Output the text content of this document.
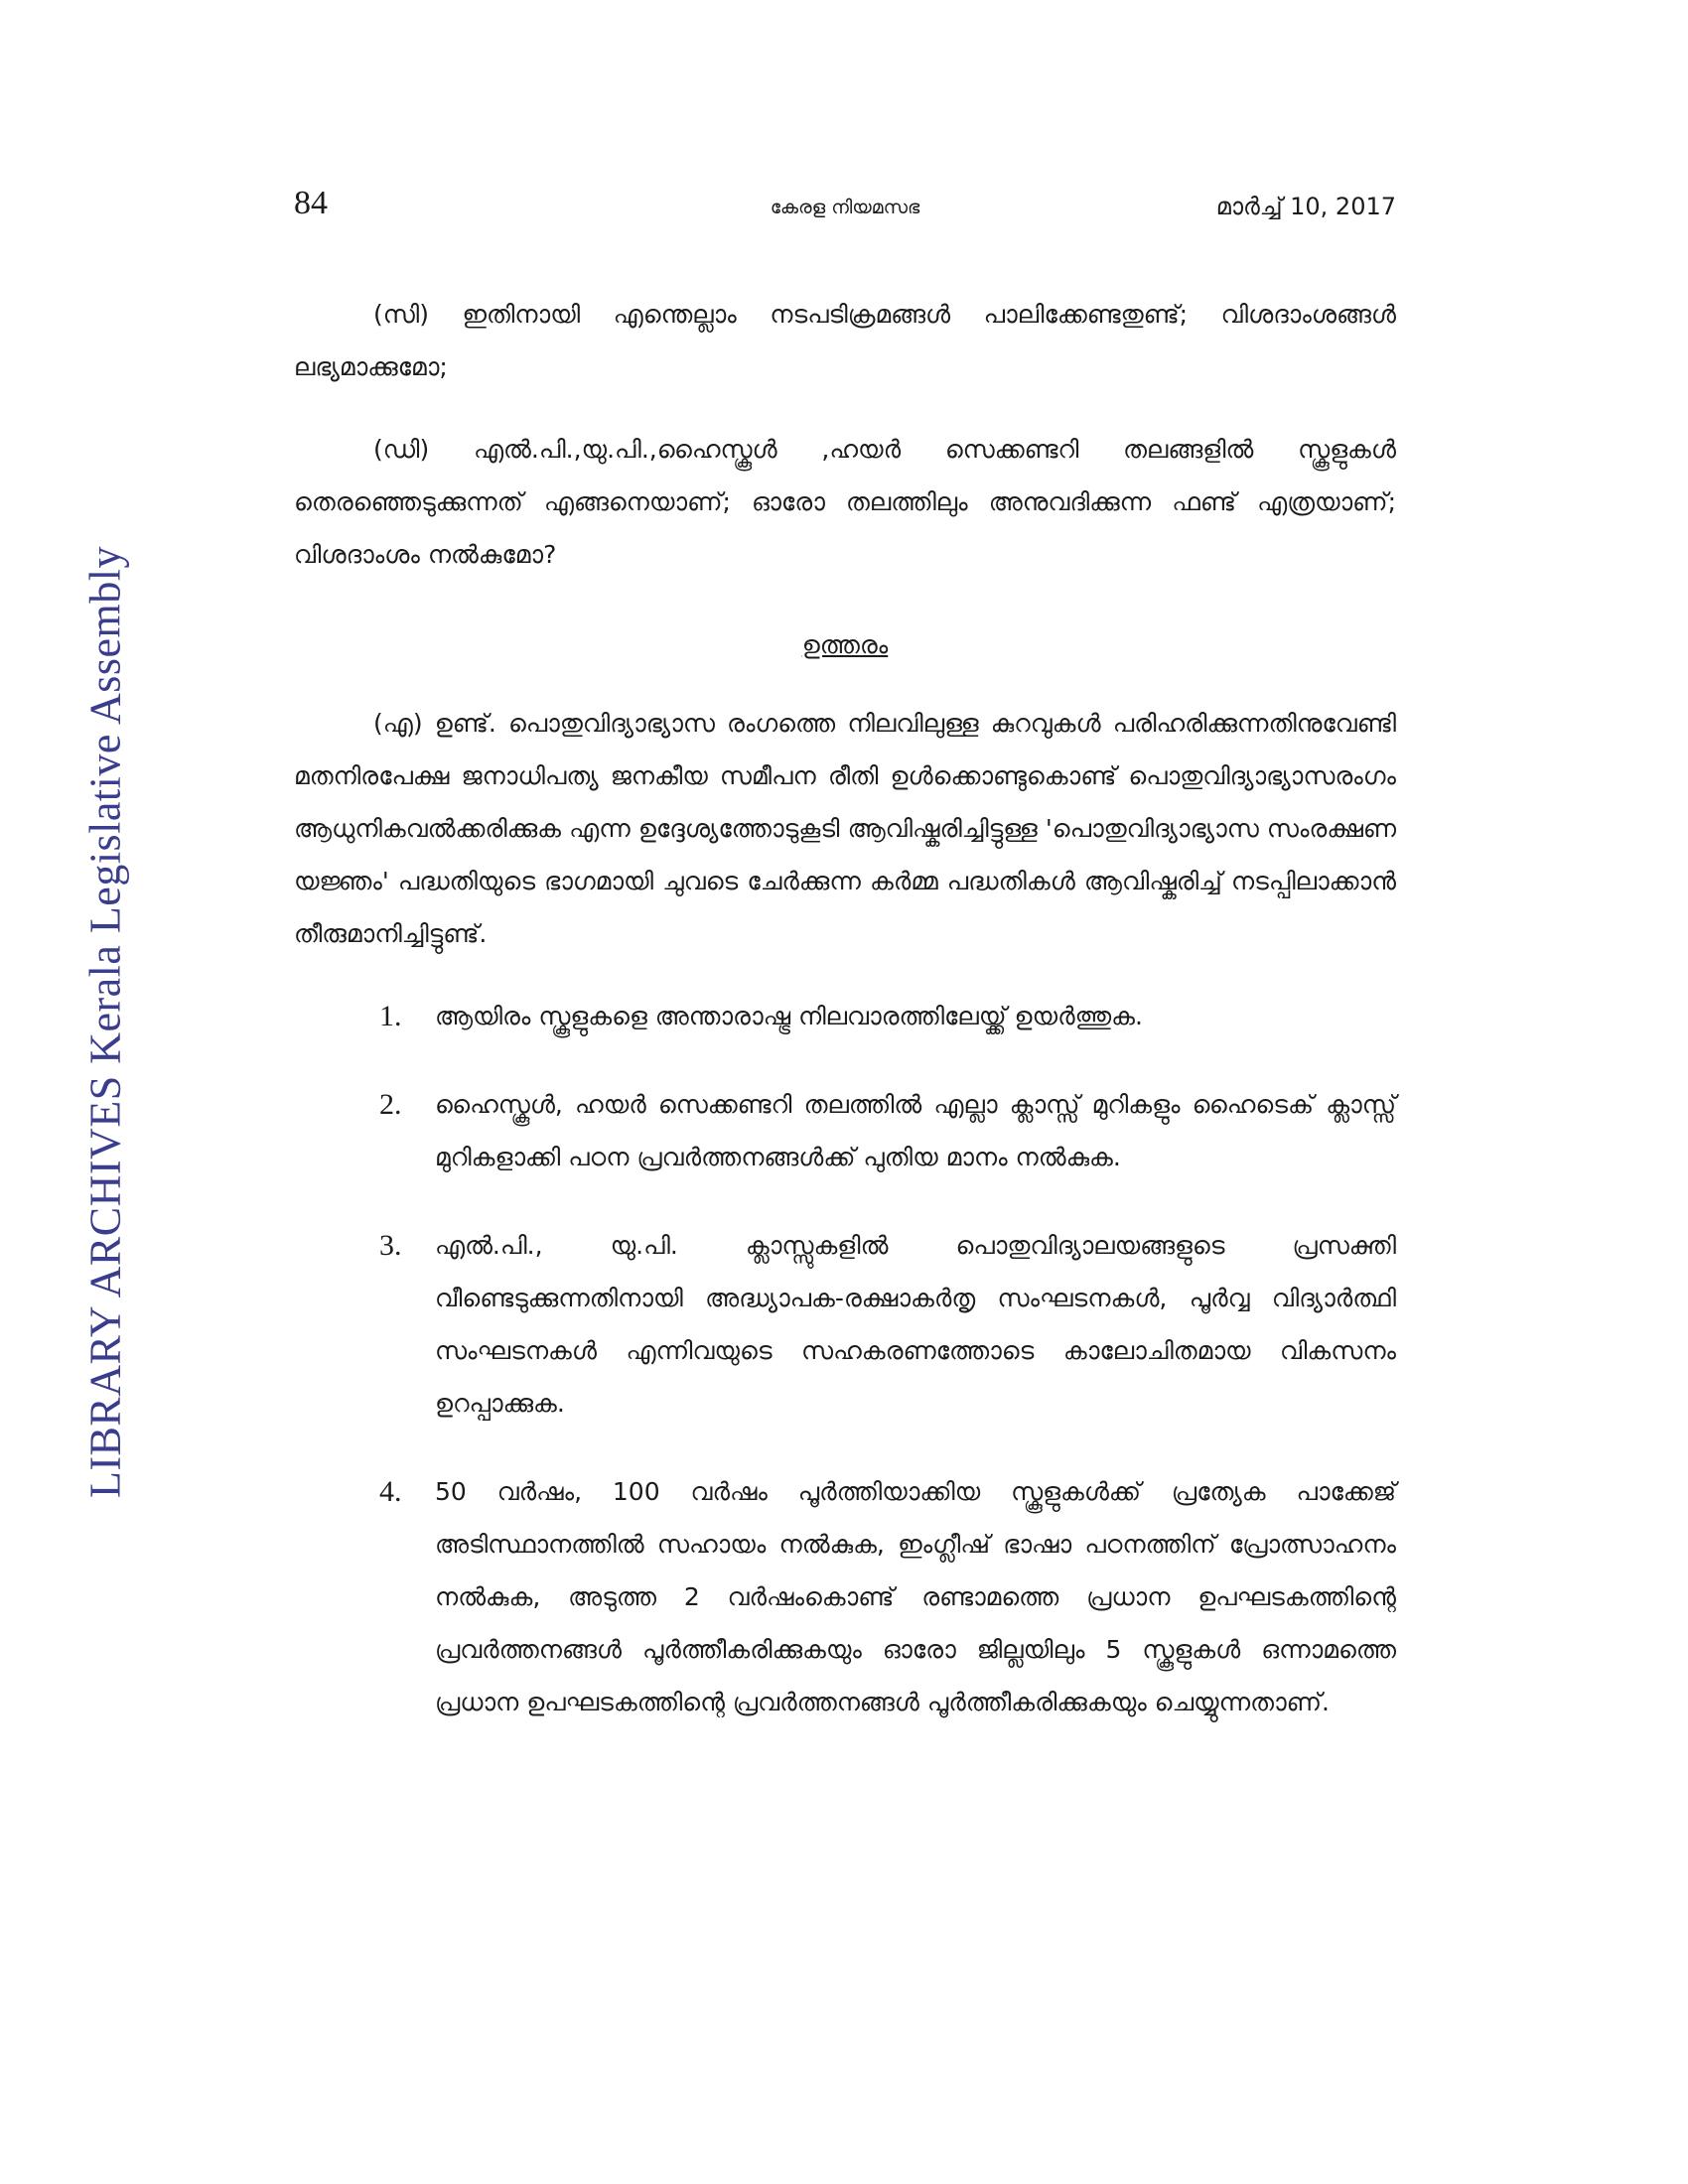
84	കേരള നിയമസഭ	മാർച്ച് 10, 2017
LIBRARY ARCHIVES Kerala Legislative Assembly

(സി) ഇതിനായി എന്തെല്ലാം നടപടിക്രമങ്ങൾ പാലിക്കേണ്ടതുണ്ട്; വിശദാംശങ്ങൾ ലഭ്യമാക്കുമോ;

(ഡി) എൽ.പി.,യു.പി.,ഹൈസ്കൂൾ ,ഹയർ സെക്കണ്ടറി തലങ്ങളിൽ സ്കൂളുകൾ തെരഞ്ഞെടുക്കുന്നത് എങ്ങനെയാണ്; ഓരോ തലത്തിലും അനുവദിക്കുന്ന ഫണ്ട് എത്രയാണ്; വിശദാംശം നൽകുമോ?

ഉത്തരം

(എ) ഉണ്ട്. പൊതുവിദ്യാഭ്യാസ രംഗത്തെ നിലവിലുള്ള കുറവുകൾ പരിഹരിക്കുന്നതിനുവേണ്ടി മതനിരപേക്ഷ ജനാധിപത്യ ജനകീയ സമീപന രീതി ഉൾക്കൊണ്ടുകൊണ്ട് പൊതുവിദ്യാഭ്യാസരംഗം ആധുനികവൽക്കരിക്കുക എന്ന ഉദ്ദേശ്യത്തോടുകൂടി ആവിഷ്കരിച്ചിട്ടുള്ള 'പൊതുവിദ്യാഭ്യാസ സംരക്ഷണ യജ്ഞം' പദ്ധതിയുടെ ഭാഗമായി ചുവടെ ചേർക്കുന്ന കർമ്മ പദ്ധതികൾ ആവിഷ്കരിച്ച് നടപ്പിലാക്കാൻ തീരുമാനിച്ചിട്ടുണ്ട്.

1. ആയിരം സ്കൂളുകളെ അന്താരാഷ്ട്ര നിലവാരത്തിലേയ്ക്ക് ഉയർത്തുക.
2. ഹൈസ്കൂൾ, ഹയർ സെക്കണ്ടറി തലത്തിൽ എല്ലാ ക്ലാസ്സ് മുറികളും ഹൈടെക് ക്ലാസ്സ് മുറികളാക്കി പഠന പ്രവർത്തനങ്ങൾക്ക് പുതിയ മാനം നൽകുക.
3. എൽ.പി., യു.പി. ക്ലാസ്സുകളിൽ പൊതുവിദ്യാലയങ്ങളുടെ പ്രസക്തി വീണ്ടെടുക്കുന്നതിനായി അദ്ധ്യാപക-രക്ഷാകർതൃ സംഘടനകൾ, പൂർവ്വ വിദ്യാർത്ഥി സംഘടനകൾ എന്നിവയുടെ സഹകരണത്തോടെ കാലോചിതമായ വികസനം ഉറപ്പാക്കുക.
4. 50 വർഷം, 100 വർഷം പൂർത്തിയാക്കിയ സ്കൂളുകൾക്ക് പ്രത്യേക പാക്കേജ് അടിസ്ഥാനത്തിൽ സഹായം നൽകുക, ഇംഗ്ലീഷ് ഭാഷാ പഠനത്തിന് പ്രോത്സാഹനം നൽകുക, അടുത്ത 2 വർഷംകൊണ്ട് രണ്ടാമത്തെ പ്രധാന ഉപഘടകത്തിന്റെ പ്രവർത്തനങ്ങൾ പൂർത്തീകരിക്കുകയും ഓരോ ജില്ലയിലും 5 സ്കൂളുകൾ ഒന്നാമത്തെ പ്രധാന ഉപഘടകത്തിന്റെ പ്രവർത്തനങ്ങൾ പൂർത്തീകരിക്കുകയും ചെയ്യുന്നതാണ്.
